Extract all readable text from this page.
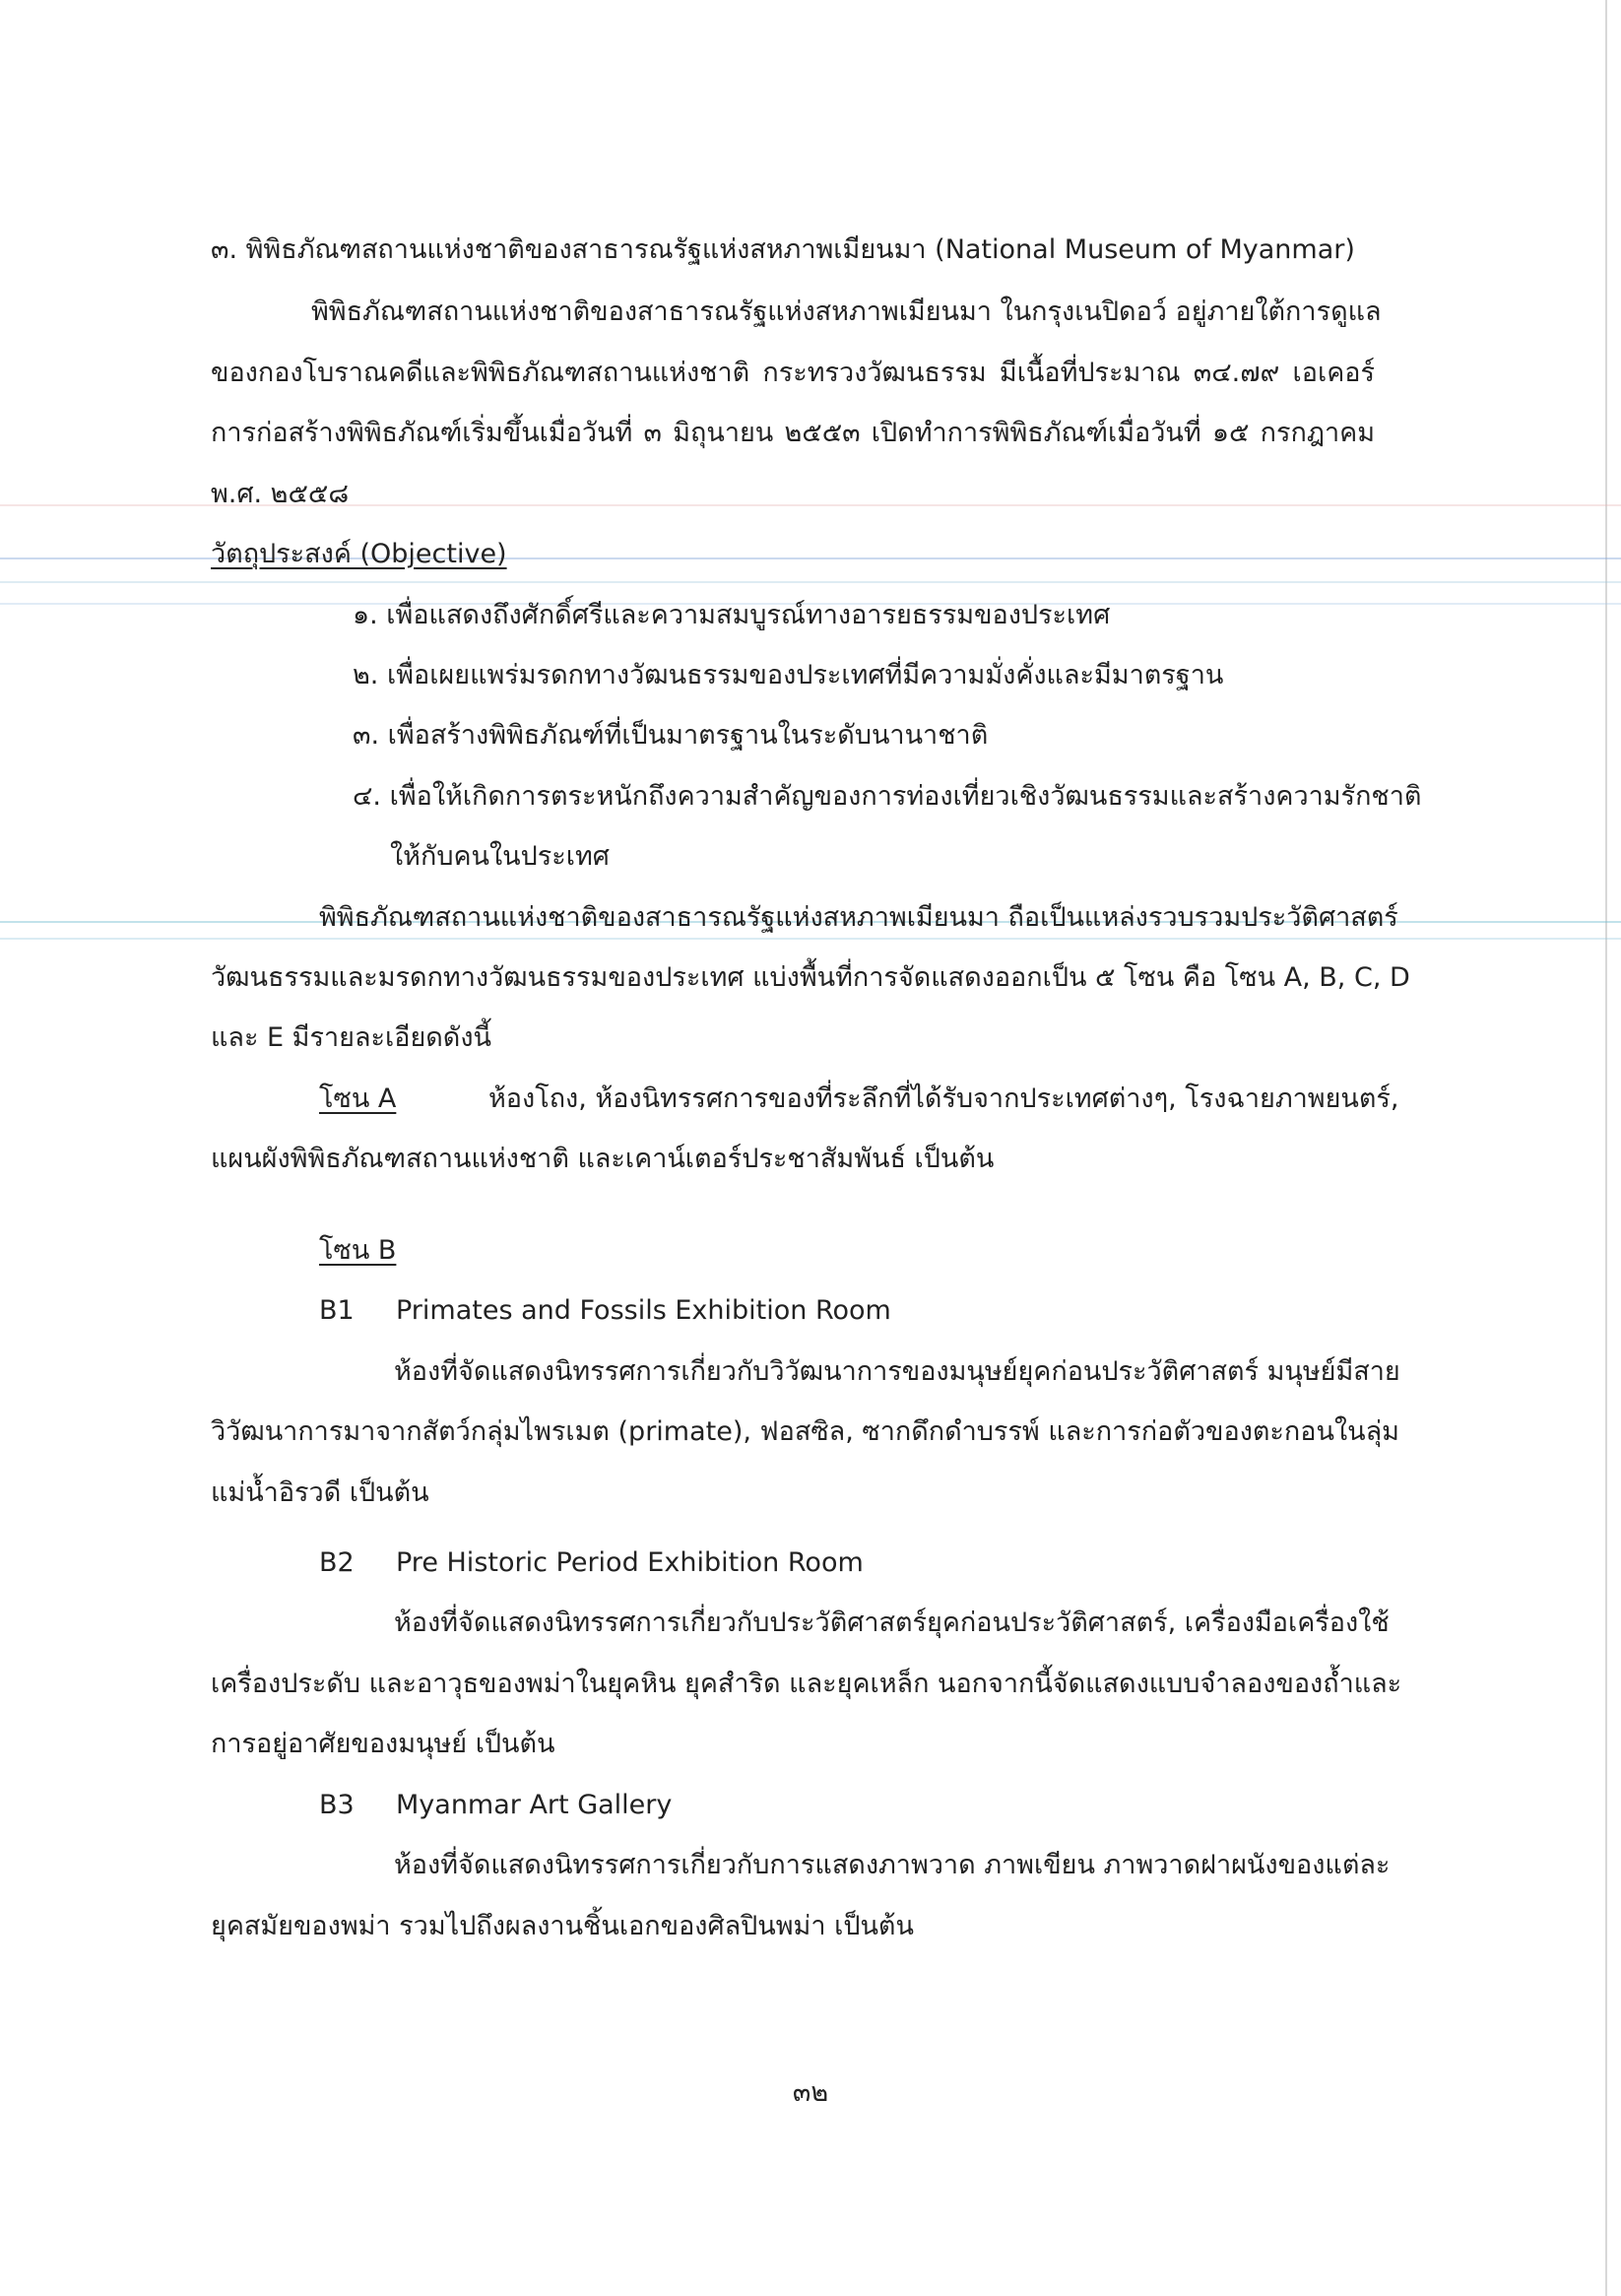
๓. พิพิธภัณฑสถานแห่งชาติของสาธารณรัฐแห่งสหภาพเมียนมา (National Museum of Myanmar)
พิพิธภัณฑสถานแห่งชาติของสาธารณรัฐแห่งสหภาพเมียนมา ในกรุงเนปิดอว์ อยู่ภายใต้การดูแล
ของกองโบราณคดีและพิพิธภัณฑสถานแห่งชาติ กระทรวงวัฒนธรรม มีเนื้อที่ประมาณ ๓๔.๗๙ เอเคอร์
การก่อสร้างพิพิธภัณฑ์เริ่มขึ้นเมื่อวันที่ ๓ มิถุนายน ๒๕๕๓ เปิดทำการพิพิธภัณฑ์เมื่อวันที่ ๑๕ กรกฎาคม
พ.ศ. ๒๕๕๘
วัตถุประสงค์ (Objective)
๑. เพื่อแสดงถึงศักดิ์ศรีและความสมบูรณ์ทางอารยธรรมของประเทศ
๒. เพื่อเผยแพร่มรดกทางวัฒนธรรมของประเทศที่มีความมั่งคั่งและมีมาตรฐาน
๓. เพื่อสร้างพิพิธภัณฑ์ที่เป็นมาตรฐานในระดับนานาชาติ
๔. เพื่อให้เกิดการตระหนักถึงความสำคัญของการท่องเที่ยวเชิงวัฒนธรรมและสร้างความรักชาติ
ให้กับคนในประเทศ
พิพิธภัณฑสถานแห่งชาติของสาธารณรัฐแห่งสหภาพเมียนมา ถือเป็นแหล่งรวบรวมประวัติศาสตร์
วัฒนธรรมและมรดกทางวัฒนธรรมของประเทศ แบ่งพื้นที่การจัดแสดงออกเป็น ๕ โซน คือ โซน A, B, C, D
และ E มีรายละเอียดดังนี้
โซน A	ห้องโถง, ห้องนิทรรศการของที่ระลึกที่ได้รับจากประเทศต่างๆ, โรงฉายภาพยนตร์,
แผนผังพิพิธภัณฑสถานแห่งชาติ และเคาน์เตอร์ประชาสัมพันธ์ เป็นต้น
โซน B
B1 Primates and Fossils Exhibition Room
ห้องที่จัดแสดงนิทรรศการเกี่ยวกับวิวัฒนาการของมนุษย์ยุคก่อนประวัติศาสตร์ มนุษย์มีสาย
วิวัฒนาการมาจากสัตว์กลุ่มไพรเมต (primate), ฟอสซิล, ซากดึกดำบรรพ์ และการก่อตัวของตะกอนในลุ่ม
แม่น้ำอิรวดี เป็นต้น
B2 Pre Historic Period Exhibition Room
ห้องที่จัดแสดงนิทรรศการเกี่ยวกับประวัติศาสตร์ยุคก่อนประวัติศาสตร์, เครื่องมือเครื่องใช้
เครื่องประดับ และอาวุธของพม่าในยุคหิน ยุคสำริด และยุคเหล็ก นอกจากนี้จัดแสดงแบบจำลองของถ้ำและ
การอยู่อาศัยของมนุษย์ เป็นต้น
B3 Myanmar Art Gallery
ห้องที่จัดแสดงนิทรรศการเกี่ยวกับการแสดงภาพวาด ภาพเขียน ภาพวาดฝาผนังของแต่ละ
ยุคสมัยของพม่า รวมไปถึงผลงานชิ้นเอกของศิลปินพม่า เป็นต้น
๓๒
